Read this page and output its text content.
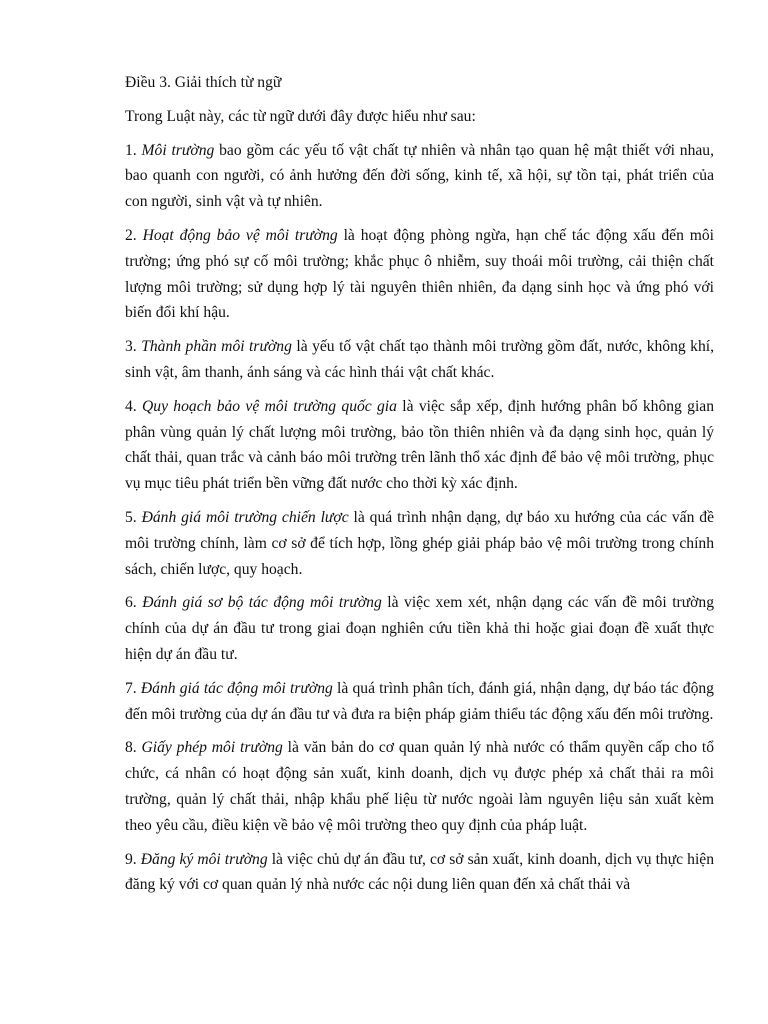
Điều 3. Giải thích từ ngữ

Trong Luật này, các từ ngữ dưới đây được hiểu như sau:

1. Môi trường bao gồm các yếu tố vật chất tự nhiên và nhân tạo quan hệ mật thiết với nhau, bao quanh con người, có ảnh hưởng đến đời sống, kinh tế, xã hội, sự tồn tại, phát triển của con người, sinh vật và tự nhiên.

2. Hoạt động bảo vệ môi trường là hoạt động phòng ngừa, hạn chế tác động xấu đến môi trường; ứng phó sự cố môi trường; khắc phục ô nhiễm, suy thoái môi trường, cải thiện chất lượng môi trường; sử dụng hợp lý tài nguyên thiên nhiên, đa dạng sinh học và ứng phó với biến đổi khí hậu.

3. Thành phần môi trường là yếu tố vật chất tạo thành môi trường gồm đất, nước, không khí, sinh vật, âm thanh, ánh sáng và các hình thái vật chất khác.

4. Quy hoạch bảo vệ môi trường quốc gia là việc sắp xếp, định hướng phân bố không gian phân vùng quản lý chất lượng môi trường, bảo tồn thiên nhiên và đa dạng sinh học, quản lý chất thải, quan trắc và cảnh báo môi trường trên lãnh thổ xác định để bảo vệ môi trường, phục vụ mục tiêu phát triển bền vững đất nước cho thời kỳ xác định.

5. Đánh giá môi trường chiến lược là quá trình nhận dạng, dự báo xu hướng của các vấn đề môi trường chính, làm cơ sở để tích hợp, lồng ghép giải pháp bảo vệ môi trường trong chính sách, chiến lược, quy hoạch.

6. Đánh giá sơ bộ tác động môi trường là việc xem xét, nhận dạng các vấn đề môi trường chính của dự án đầu tư trong giai đoạn nghiên cứu tiền khả thi hoặc giai đoạn đề xuất thực hiện dự án đầu tư.

7. Đánh giá tác động môi trường là quá trình phân tích, đánh giá, nhận dạng, dự báo tác động đến môi trường của dự án đầu tư và đưa ra biện pháp giảm thiểu tác động xấu đến môi trường.

8. Giấy phép môi trường là văn bản do cơ quan quản lý nhà nước có thẩm quyền cấp cho tổ chức, cá nhân có hoạt động sản xuất, kinh doanh, dịch vụ được phép xả chất thải ra môi trường, quản lý chất thải, nhập khẩu phế liệu từ nước ngoài làm nguyên liệu sản xuất kèm theo yêu cầu, điều kiện về bảo vệ môi trường theo quy định của pháp luật.

9. Đăng ký môi trường là việc chủ dự án đầu tư, cơ sở sản xuất, kinh doanh, dịch vụ thực hiện đăng ký với cơ quan quản lý nhà nước các nội dung liên quan đến xả chất thải và
